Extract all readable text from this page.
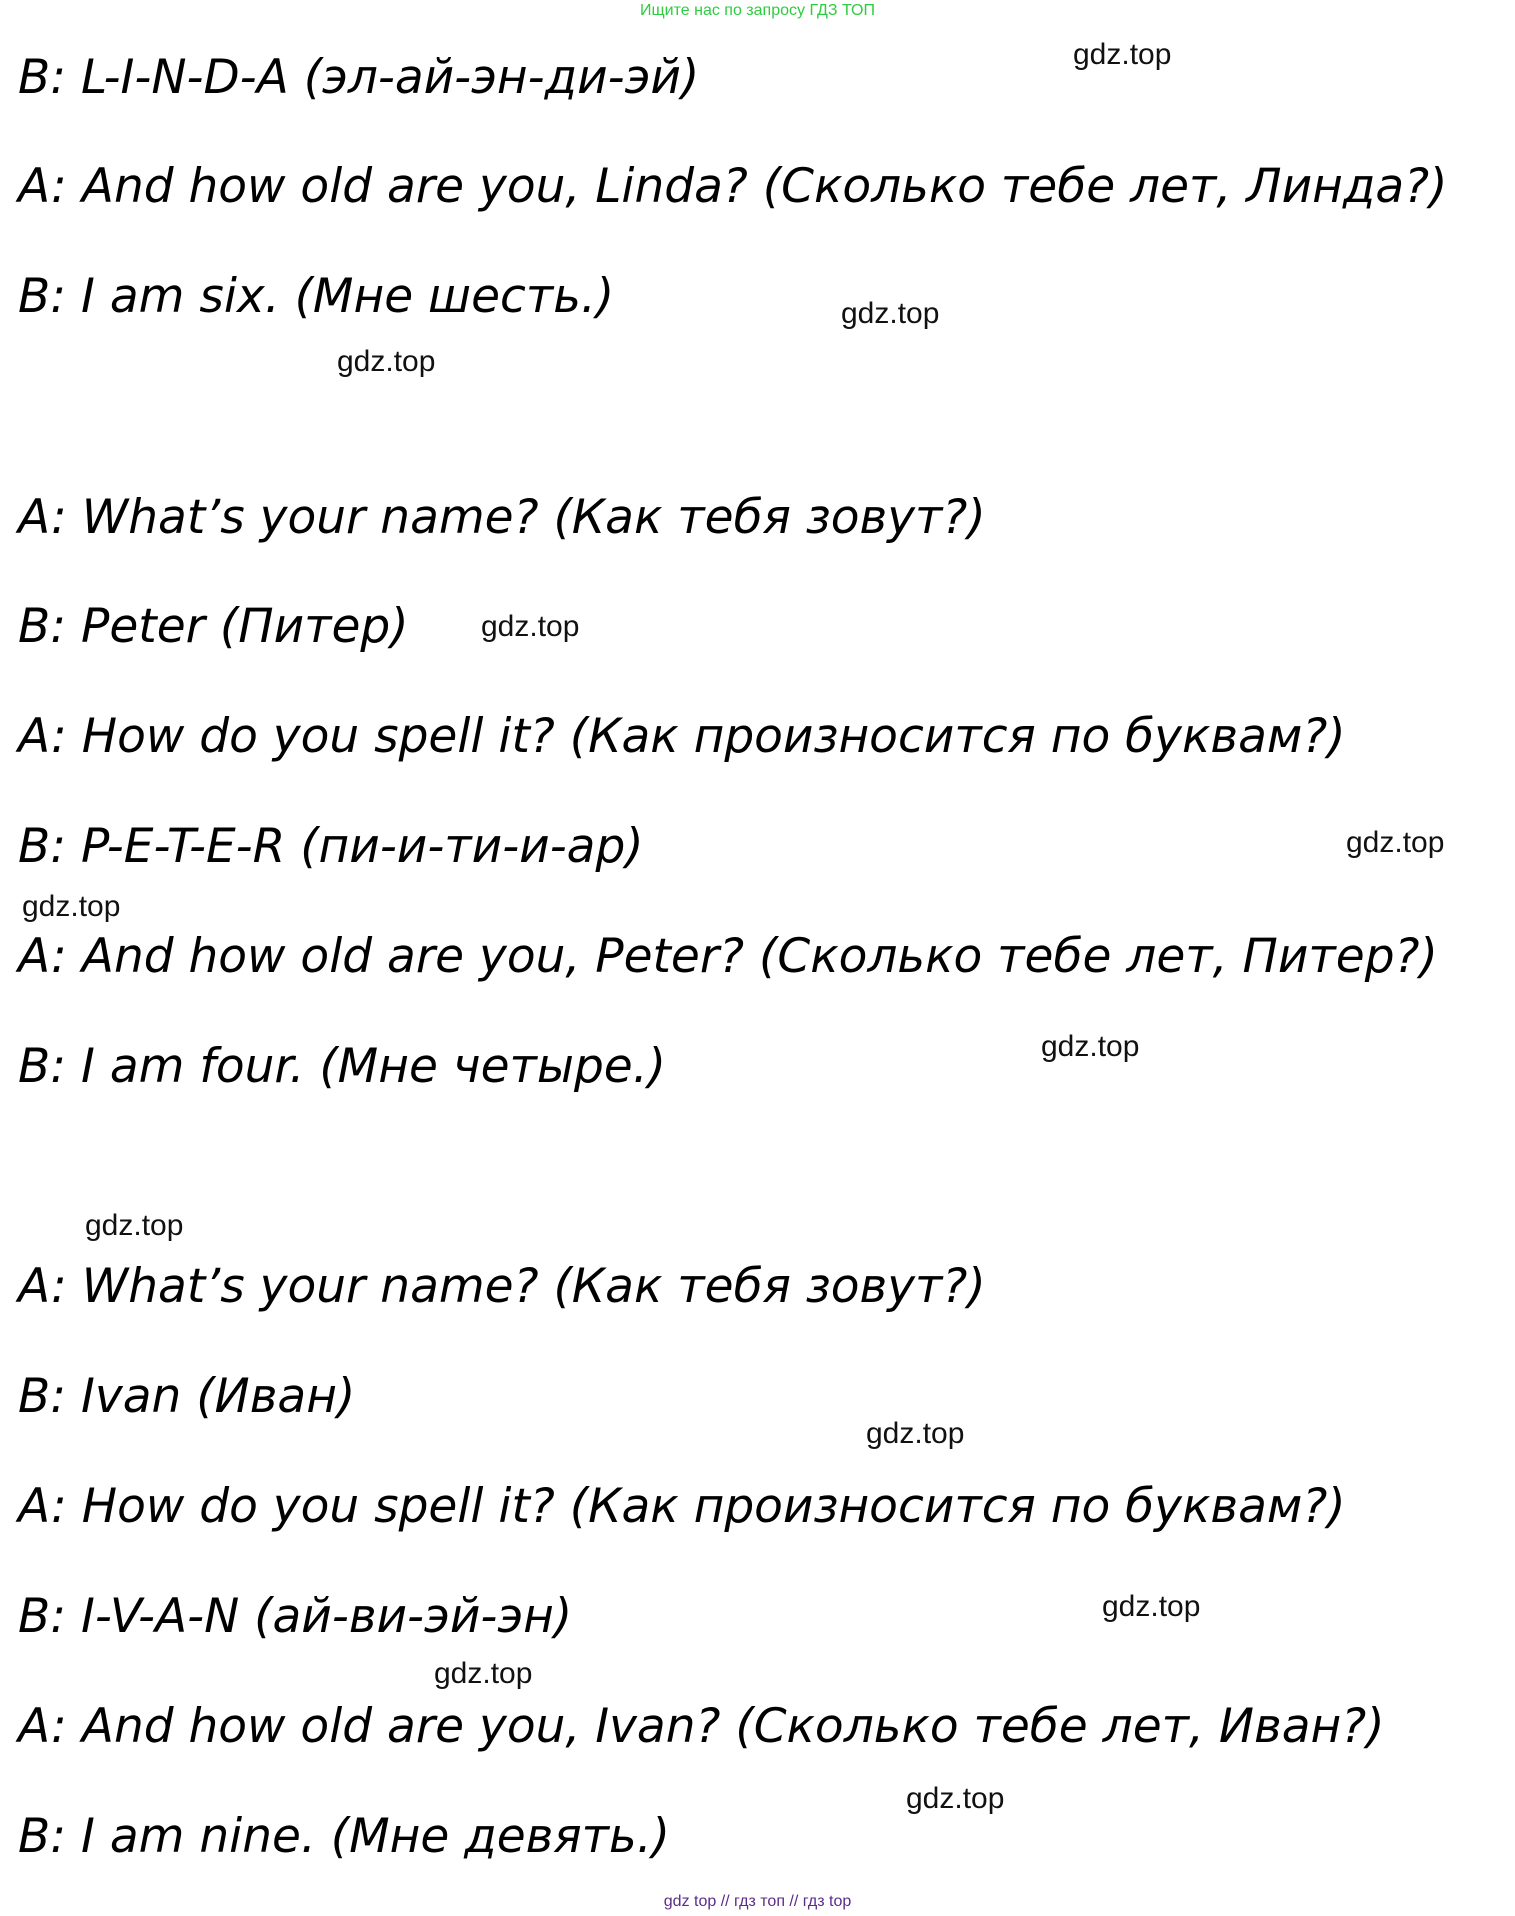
Ищите нас по запросу ГДЗ ТОП

B: L-I-N-D-A (эл-ай-эн-ди-эй)

A: And how old are you, Linda? (Сколько тебе лет, Линда?)

B: I am six. (Мне шесть.)

A: What’s your name? (Как тебя зовут?)

B: Peter (Питер)

A: How do you spell it? (Как произносится по буквам?)

B: P-E-T-E-R (пи-и-ти-и-ар)

A: And how old are you, Peter? (Сколько тебе лет, Питер?)

B: I am four. (Мне четыре.)

A: What’s your name? (Как тебя зовут?)

B: Ivan (Иван)

A: How do you spell it? (Как произносится по буквам?)

B: I-V-A-N (ай-ви-эй-эн)

A: And how old are you, Ivan? (Сколько тебе лет, Иван?)

B: I am nine. (Мне девять.)

gdz.top
gdz.top
gdz.top
gdz.top
gdz.top
gdz.top
gdz.top
gdz.top
gdz.top
gdz.top
gdz.top
gdz.top
gdz top // гдз топ // гдз top
